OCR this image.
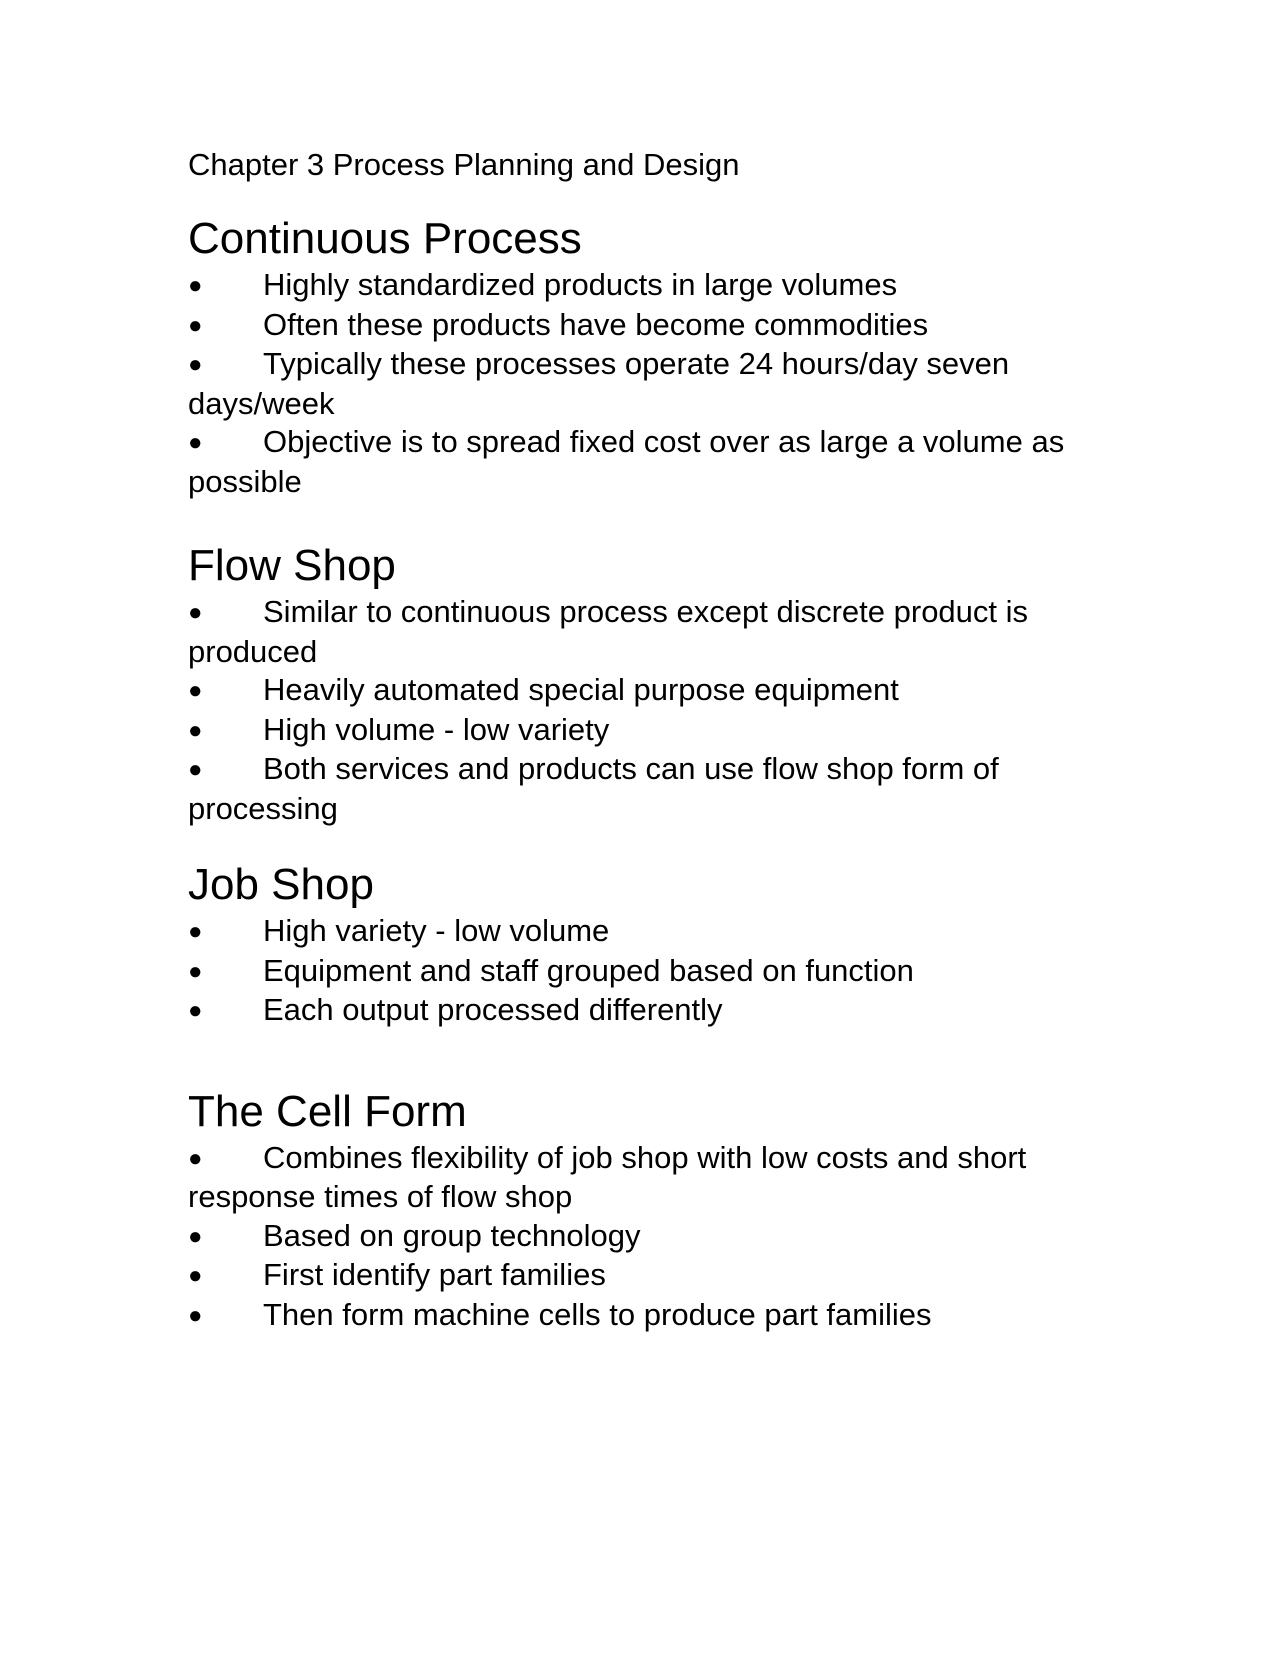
Chapter 3 Process Planning and Design
Continuous Process
● Highly standardized products in large volumes
● Often these products have become commodities
● Typically these processes operate 24 hours/day seven days/week
● Objective is to spread fixed cost over as large a volume as possible
Flow Shop
● Similar to continuous process except discrete product is produced
● Heavily automated special purpose equipment
● High volume - low variety
● Both services and products can use flow shop form of processing
Job Shop
● High variety - low volume
● Equipment and staff grouped based on function
● Each output processed differently
The Cell Form
● Combines flexibility of job shop with low costs and short response times of flow shop
● Based on group technology
● First identify part families
● Then form machine cells to produce part families
